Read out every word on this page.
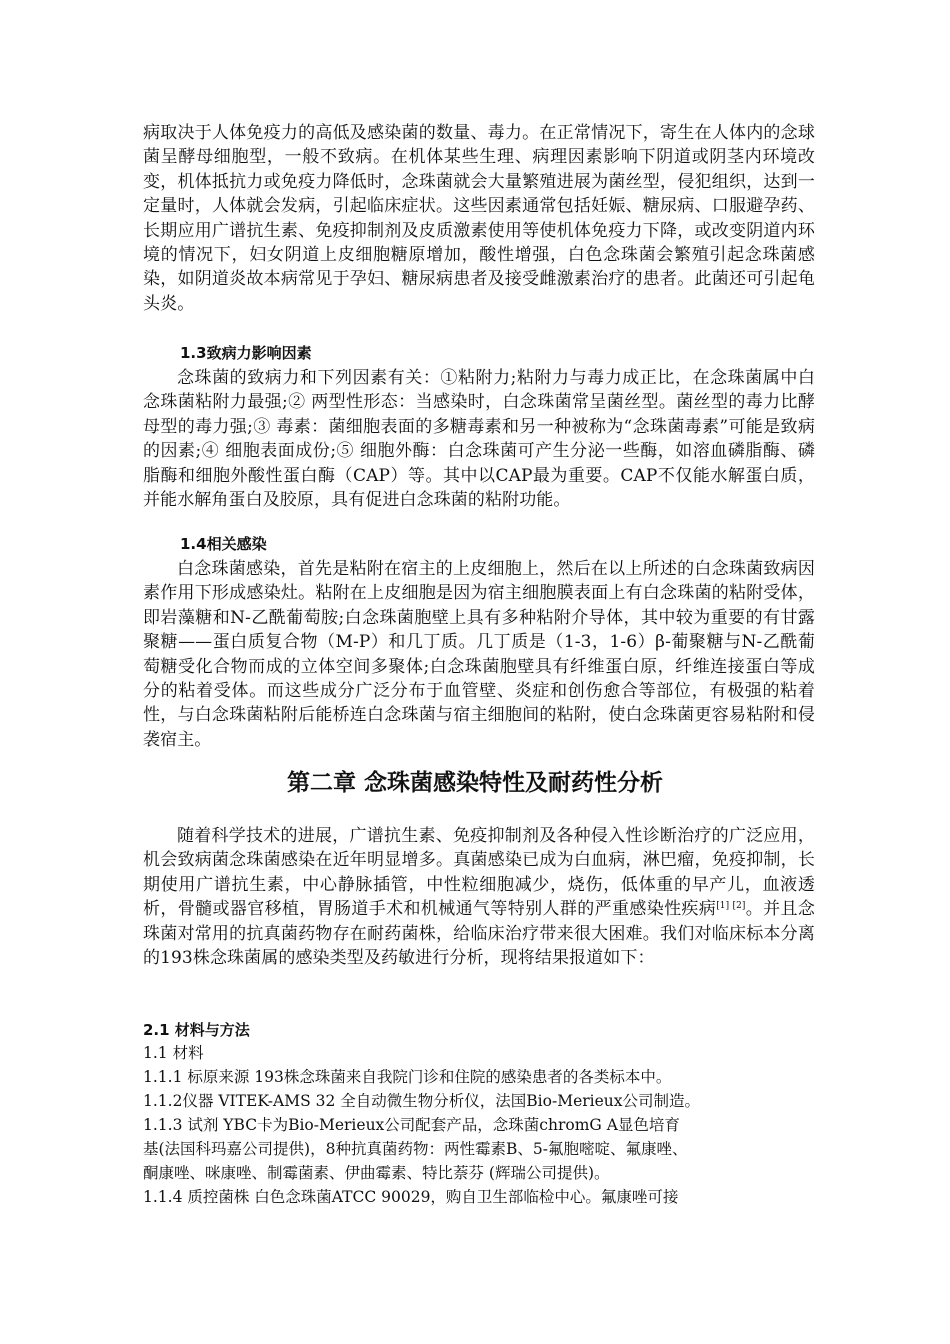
病取决于人体免疫力的高低及感染菌的数量、毒力。在正常情况下，寄生在人体内的念球菌呈酵母细胞型，一般不致病。在机体某些生理、病理因素影响下阴道或阴茎内环境改变，机体抵抗力或免疫力降低时，念珠菌就会大量繁殖进展为菌丝型，侵犯组织，达到一定量时，人体就会发病，引起临床症状。这些因素通常包括妊娠、糖尿病、口服避孕药、长期应用广谱抗生素、免疫抑制剂及皮质激素使用等使机体免疫力下降，或改变阴道内环境的情况下，妇女阴道上皮细胞糖原增加，酸性增强，白色念珠菌会繁殖引起念珠菌感染，如阴道炎故本病常见于孕妇、糖尿病患者及接受雌激素治疗的患者。此菌还可引起龟头炎。

1.3致病力影响因素

念珠菌的致病力和下列因素有关：①粘附力;粘附力与毒力成正比，在念珠菌属中白念珠菌粘附力最强;② 两型性形态：当感染时，白念珠菌常呈菌丝型。菌丝型的毒力比酵母型的毒力强;③ 毒素：菌细胞表面的多糖毒素和另一种被称为“念珠菌毒素”可能是致病的因素;④ 细胞表面成份;⑤ 细胞外酶：白念珠菌可产生分泌一些酶，如溶血磷脂酶、磷脂酶和细胞外酸性蛋白酶（CAP）等。其中以CAP最为重要。CAP不仅能水解蛋白质，并能水解角蛋白及胶原，具有促进白念珠菌的粘附功能。

1.4相关感染

白念珠菌感染，首先是粘附在宿主的上皮细胞上，然后在以上所述的白念珠菌致病因素作用下形成感染灶。粘附在上皮细胞是因为宿主细胞膜表面上有白念珠菌的粘附受体，即岩藻糖和N-乙酰葡萄胺;白念珠菌胞壁上具有多种粘附介导体，其中较为重要的有甘露聚糖——蛋白质复合物（M-P）和几丁质。几丁质是（1-3，1-6）β-葡聚糖与N-乙酰葡萄糖受化合物而成的立体空间多聚体;白念珠菌胞壁具有纤维蛋白原，纤维连接蛋白等成分的粘着受体。而这些成分广泛分布于血管壁、炎症和创伤愈合等部位，有极强的粘着性，与白念珠菌粘附后能桥连白念珠菌与宿主细胞间的粘附，使白念珠菌更容易粘附和侵袭宿主。

第二章 念珠菌感染特性及耐药性分析

随着科学技术的进展，广谱抗生素、免疫抑制剂及各种侵入性诊断治疗的广泛应用，机会致病菌念珠菌感染在近年明显增多。真菌感染已成为白血病，淋巴瘤，免疫抑制，长期使用广谱抗生素，中心静脉插管，中性粒细胞减少，烧伤，低体重的早产儿，血液透析，骨髓或器官移植，胃肠道手术和机械通气等特别人群的严重感染性疾病[1] [2]。并且念珠菌对常用的抗真菌药物存在耐药菌株，给临床治疗带来很大困难。我们对临床标本分离的193株念珠菌属的感染类型及药敏进行分析，现将结果报道如下：

2.1 材料与方法

1.1 材料

1.1.1 标原来源 193株念珠菌来自我院门诊和住院的感染患者的各类标本中。

1.1.2仪器 VITEK-AMS 32 全自动微生物分析仪，法国Bio-Merieux公司制造。

1.1.3 试剂 YBC卡为Bio-Merieux公司配套产品，念珠菌chromG A显色培育

基(法国科玛嘉公司提供)，8种抗真菌药物：两性霉素B、5-氟胞嘧啶、氟康唑、

酮康唑、咪康唑、制霉菌素、伊曲霉素、特比萘芬 (辉瑞公司提供)。

1.1.4 质控菌株 白色念珠菌ATCC 90029，购自卫生部临检中心。氟康唑可接
